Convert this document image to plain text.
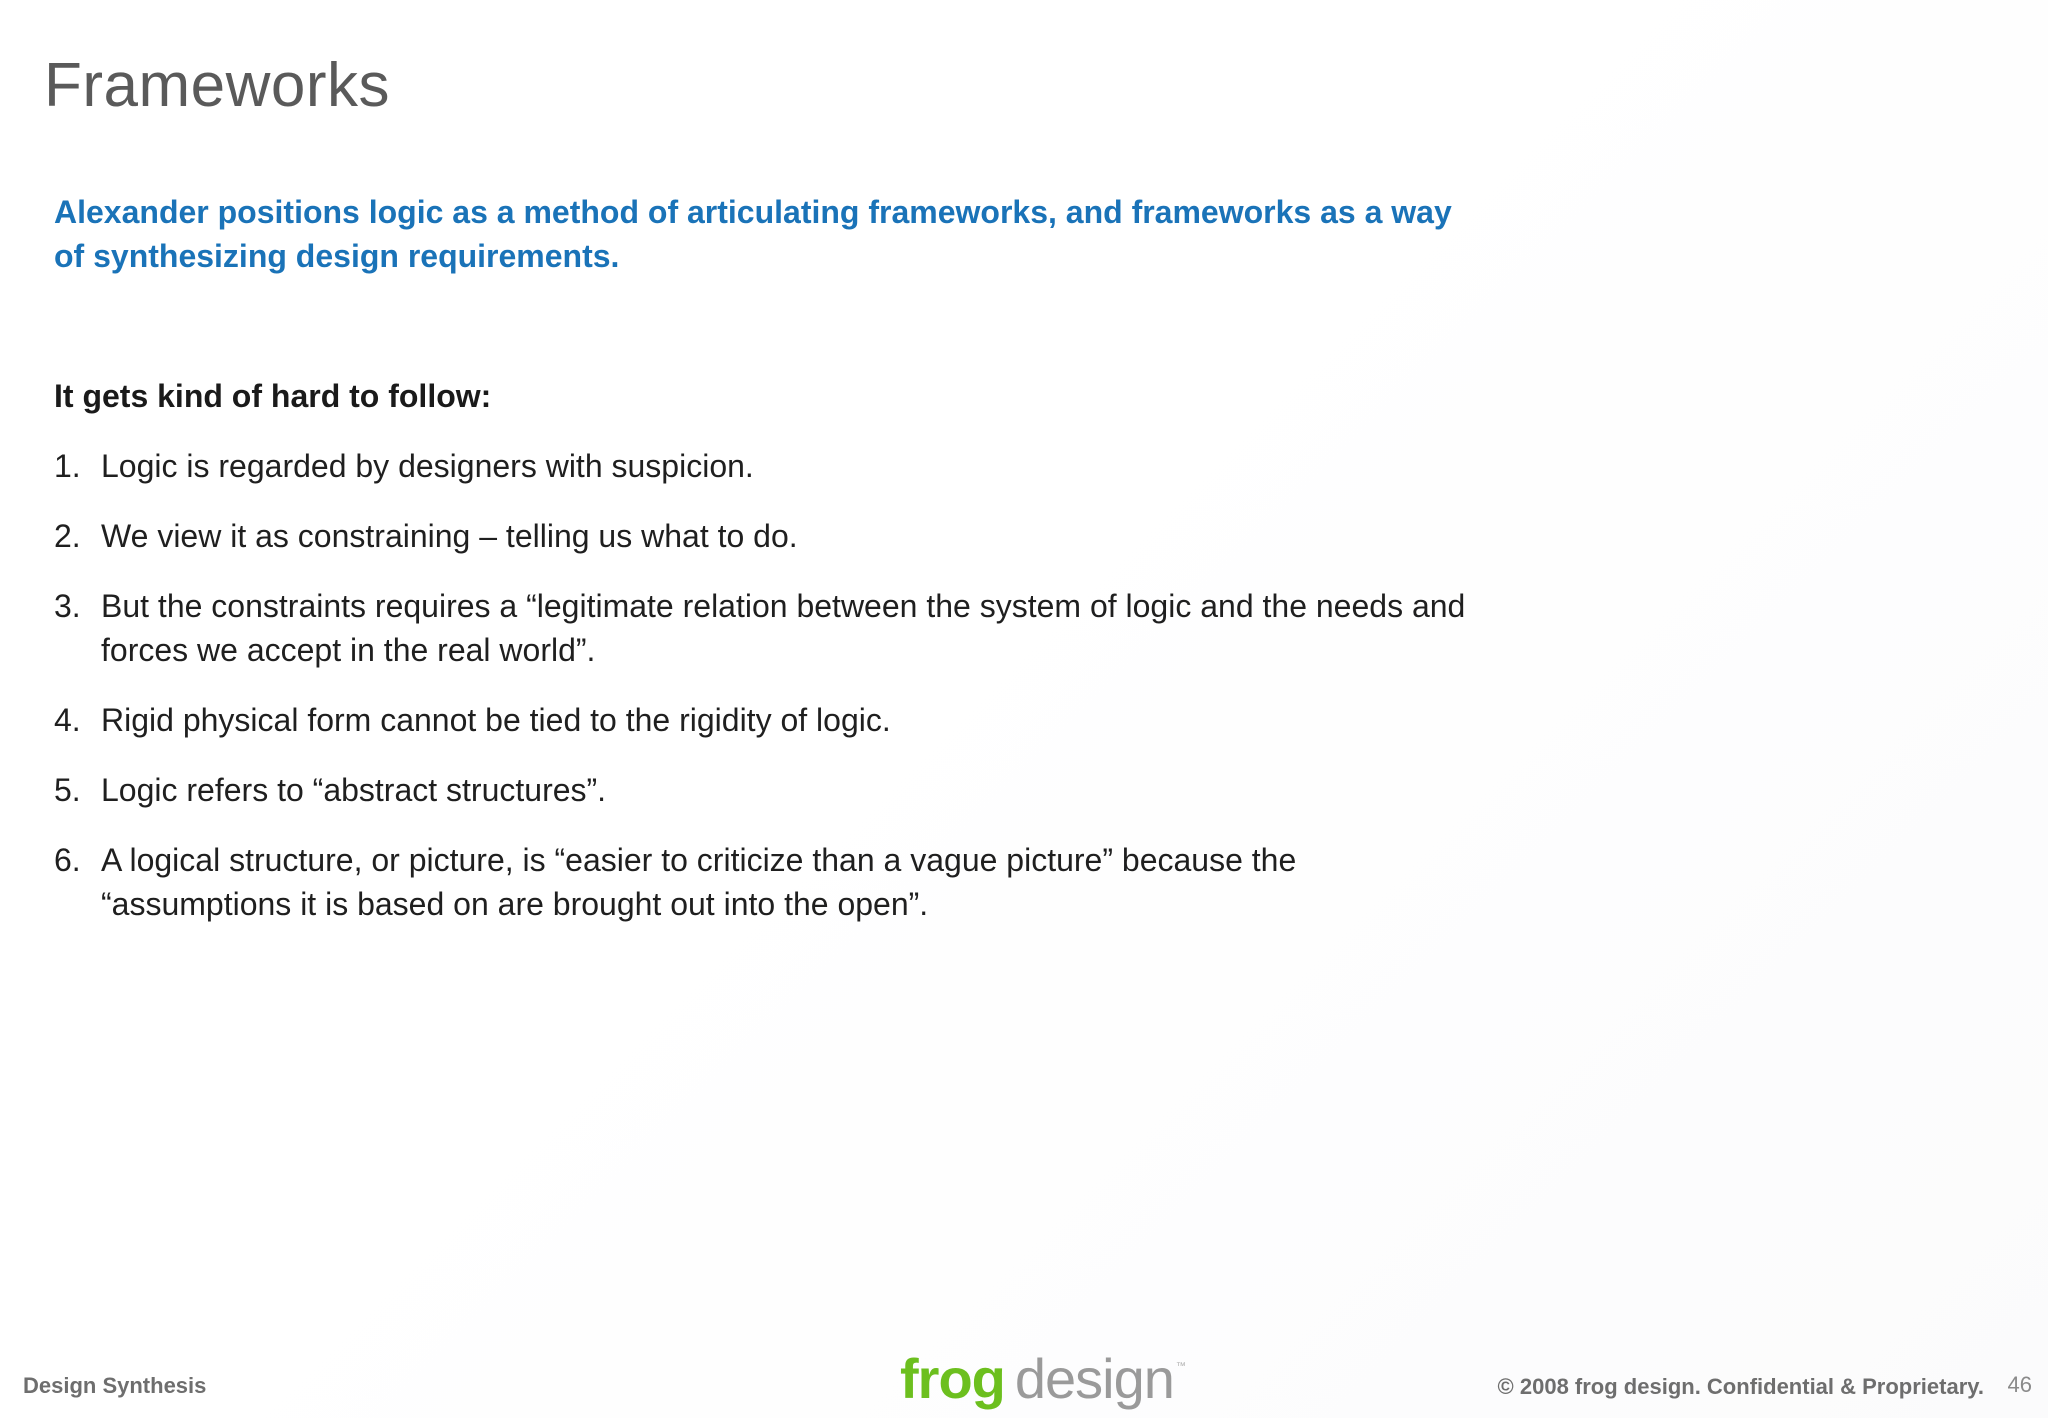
Frameworks

Alexander positions logic as a method of articulating frameworks, and frameworks as a way of synthesizing design requirements.

It gets kind of hard to follow:

1. Logic is regarded by designers with suspicion.
2. We view it as constraining – telling us what to do.
3. But the constraints requires a “legitimate relation between the system of logic and the needs and forces we accept in the real world”.
4. Rigid physical form cannot be tied to the rigidity of logic.
5. Logic refers to “abstract structures”.
6. A logical structure, or picture, is “easier to criticize than a vague picture” because the “assumptions it is based on are brought out into the open”.
Design Synthesis	frog design ™
© 2008 frog design. Confidential & Proprietary. 46
